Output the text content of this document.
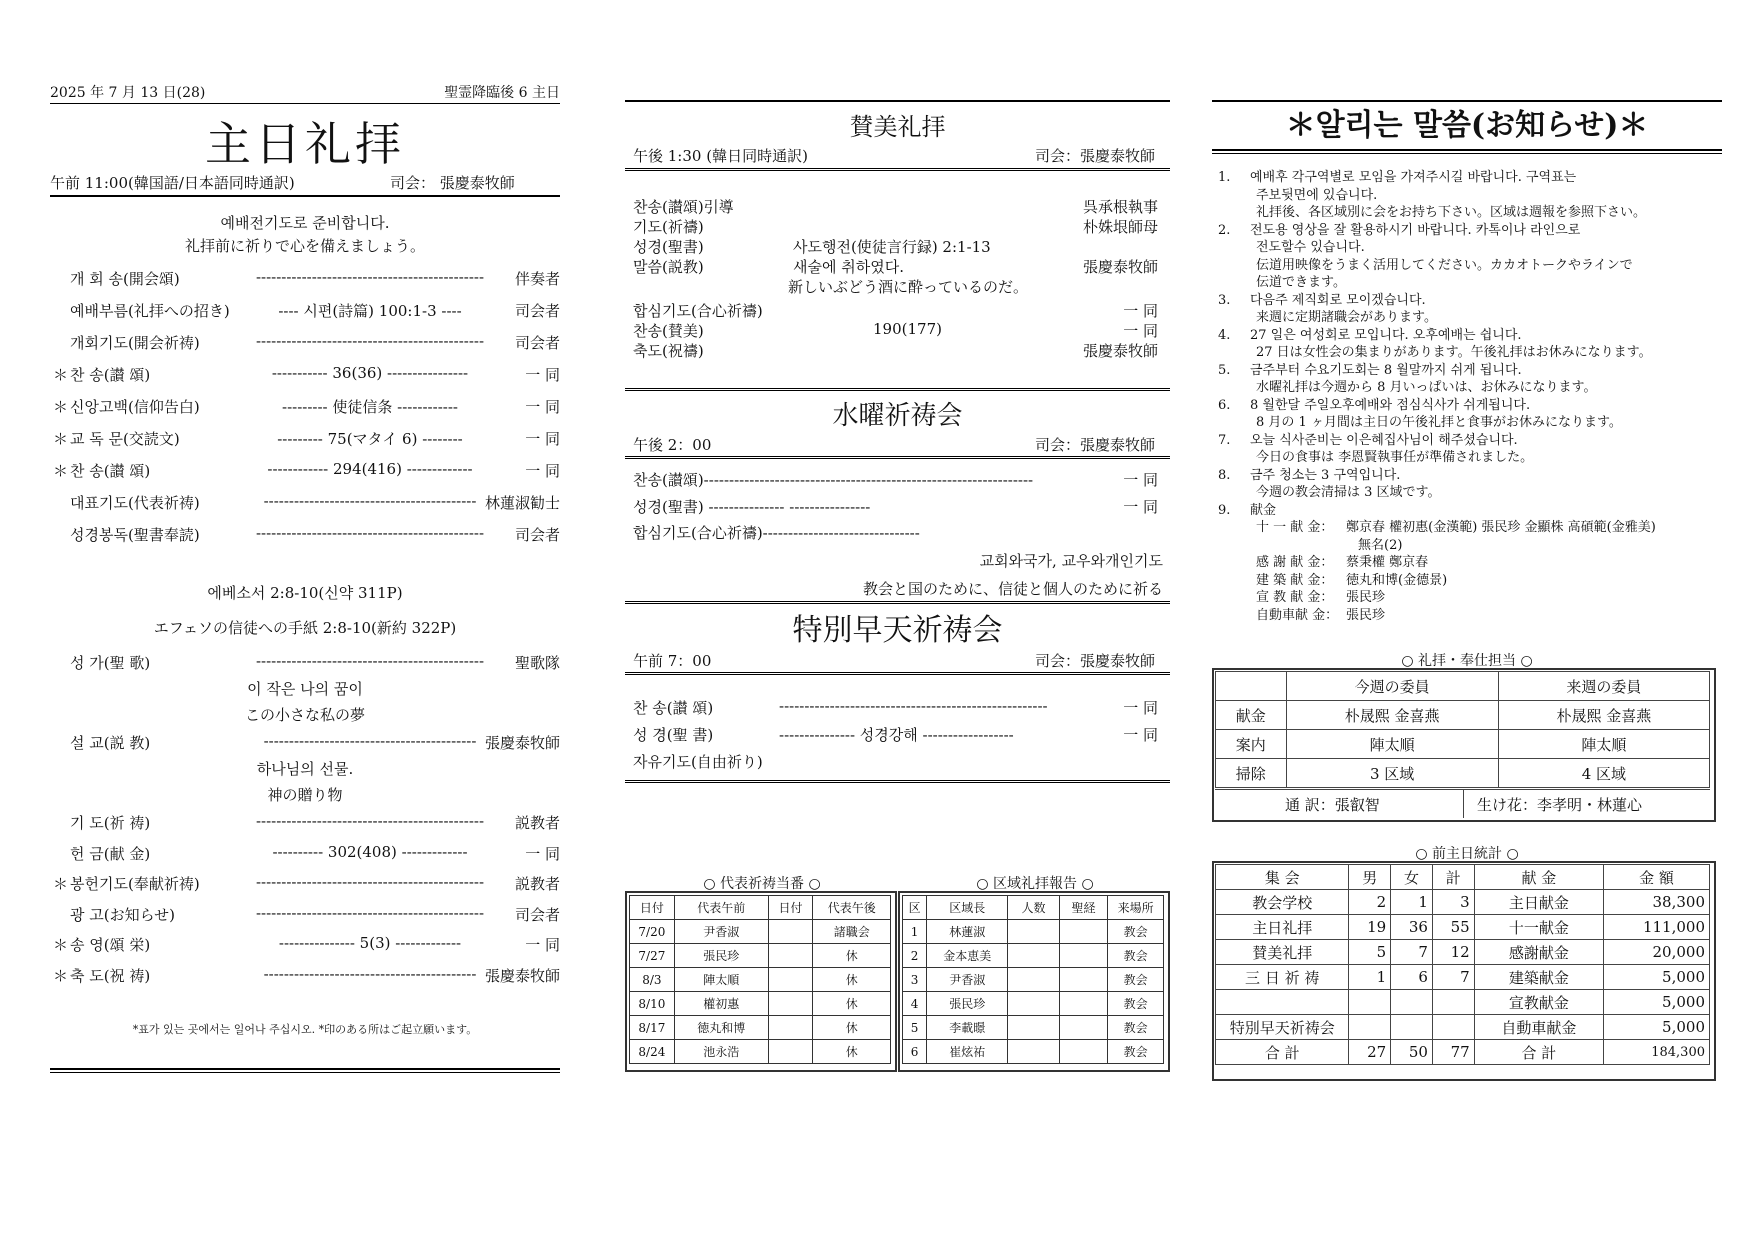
2025 年 7 月 13 日(28)	聖霊降臨後 6 主日
主日礼拝
午前 11:00(韓国語/日本語同時通訳)	司会： 張慶泰牧師
예배전기도로 준비합니다.
礼拝前に祈りで心を備えましょう。
개 회 송(開会頌)	---------------------------------------------	伴奏者
예배부름(礼拝への招き)	---- 시편(詩篇) 100:1-3 ----	司会者
개회기도(開会祈祷)	---------------------------------------------	司会者
＊ 찬 송(讃 頌)	----------- 36(36) ----------------	一 同
＊ 신앙고백(信仰告白)	--------- 使徒信条 ------------	一 同
＊ 교 독 문(交読文)	--------- 75(マタイ 6) --------	一 同
＊ 찬 송(讃 頌)	------------ 294(416) -------------	一 同
대표기도(代表祈祷)	------------------------------------------ 林蓮淑勧士
성경봉독(聖書奉読)	---------------------------------------------	司会者
에베소서 2:8-10(신약 311P)
エフェソの信徒への手紙 2:8-10(新約 322P)
성 가(聖 歌)	---------------------------------------------	聖歌隊
이 작은 나의 꿈이
この小さな私の夢
설 교(説 教)	------------------------------------------ 張慶泰牧師
하나님의 선물.
神の贈り物
기 도(祈 祷)	---------------------------------------------	説教者
헌 금(献 金)	---------- 302(408) -------------	一 同
＊ 봉헌기도(奉献祈祷)	---------------------------------------------	説教者
광 고(お知らせ)	---------------------------------------------	司会者
＊ 송 영(頌 栄)	--------------- 5(3) -------------	一 同
＊ 축 도(祝 祷)	------------------------------------------ 張慶泰牧師
*표가 있는 곳에서는 일어나 주십시오. *印のある所はご起立願います。
賛美礼拝
午後 1:30 (韓日同時通訳)	司会：張慶泰牧師
찬송(讃頌)引導	呉承根執事
기도(祈禱)	朴姝垠師母
성경(聖書)	사도행전(使徒言行録) 2:1-13
말씀(説教)	새술에 취하였다.	張慶泰牧師
新しいぶどう酒に酔っているのだ。
합심기도(合心祈禱)	一 同
찬송(賛美)	190(177)	一 同
축도(祝禱)	張慶泰牧師
水曜祈祷会
午後 2：00	司会：張慶泰牧師
찬송(讃頌)-----------------------------------------------------------------	一 同
성경(聖書) --------------- ----------------	一 同
합심기도(合心祈禱)-------------------------------
교회와국가, 교우와개인기도
教会と国のために、信徒と個人のために祈る
特別早天祈祷会
午前 7：00	司会：張慶泰牧師
찬 송(讃 頌)	-----------------------------------------------------	一 同
성 경(聖 書)	--------------- 성경강해 ------------------	一 同
자유기도(自由祈り)
○ 代表祈祷当番 ○	○ 区域礼拝報告 ○
日付	代表午前	日付	代表午後
7/20	尹香淑		諸職会
7/27	張民珍		休
8/3	陣太順		休
8/10	權初惠		休
8/17	徳丸和博		休
8/24	池永浩		休
区	区域長	人数	聖経	来場所
1	林蓮淑			教会
2	金本恵美			教会
3	尹香淑			教会
4	張民珍			教会
5	李載暻			教会
6	崔炫祐			教会
＊알리는 말씀(お知らせ)＊
1. 예배후 각구역별로 모임을 가져주시길 바랍니다. 구역표는
주보뒷면에 있습니다.
礼拝後、各区域別に会をお持ち下さい。区域は週報を参照下さい。
2. 전도용 영상을 잘 활용하시기 바랍니다. 카톡이나 라인으로
전도할수 있습니다.
伝道用映像をうまく活用してください。カカオトークやラインで
伝道できます。
3. 다음주 제직회로 모이겠습니다.
来週に定期諸職会があります。
4. 27 일은 여성회로 모입니다. 오후예배는 쉽니다.
27 日は女性会の集まりがあります。午後礼拝はお休みになります。
5. 금주부터 수요기도회는 8 월말까지 쉬게 됩니다.
水曜礼拝は今週から 8 月いっぱいは、お休みになります。
6. 8 월한달 주일오후예배와 점심식사가 쉬게됩니다.
8 月の 1 ヶ月間は主日の午後礼拝と食事がお休みになります。
7. 오늘 식사준비는 이은혜집사님이 해주셨습니다.
今日の食事は 李恩賢執事任が準備されました。
8. 금주 청소는 3 구역입니다.
今週の教会清掃は 3 区域です。
9. 献金
十 一 献 金： 鄭京春 權初惠(金漢範) 張民珍 金顯株 高碩範(金雅美)
無名(2)
感 謝 献 金： 蔡秉權 鄭京春
建 築 献 金： 徳丸和博(金德景)
宣 教 献 金： 張民珍
自動車献 金： 張民珍
○ 礼拝・奉仕担当 ○
	今週の委員	来週の委員
献金	朴晟熙 金喜燕	朴晟熙 金喜燕
案内	陣太順	陣太順
掃除	3 区域	4 区域
通 訳：張叡智	生け花：李孝明・林蓮心
○ 前主日統計 ○
集 会	男	女	計	献 金	金 額
教会学校	2	1	3	主日献金	38,300
主日礼拝	19	36	55	十一献金	111,000
賛美礼拝	5	7	12	感謝献金	20,000
三 日 祈 祷	1	6	7	建築献金	5,000
				宣教献金	5,000
特別早天祈祷会				自動車献金	5,000
合 計	27	50	77	合 計	184,300
